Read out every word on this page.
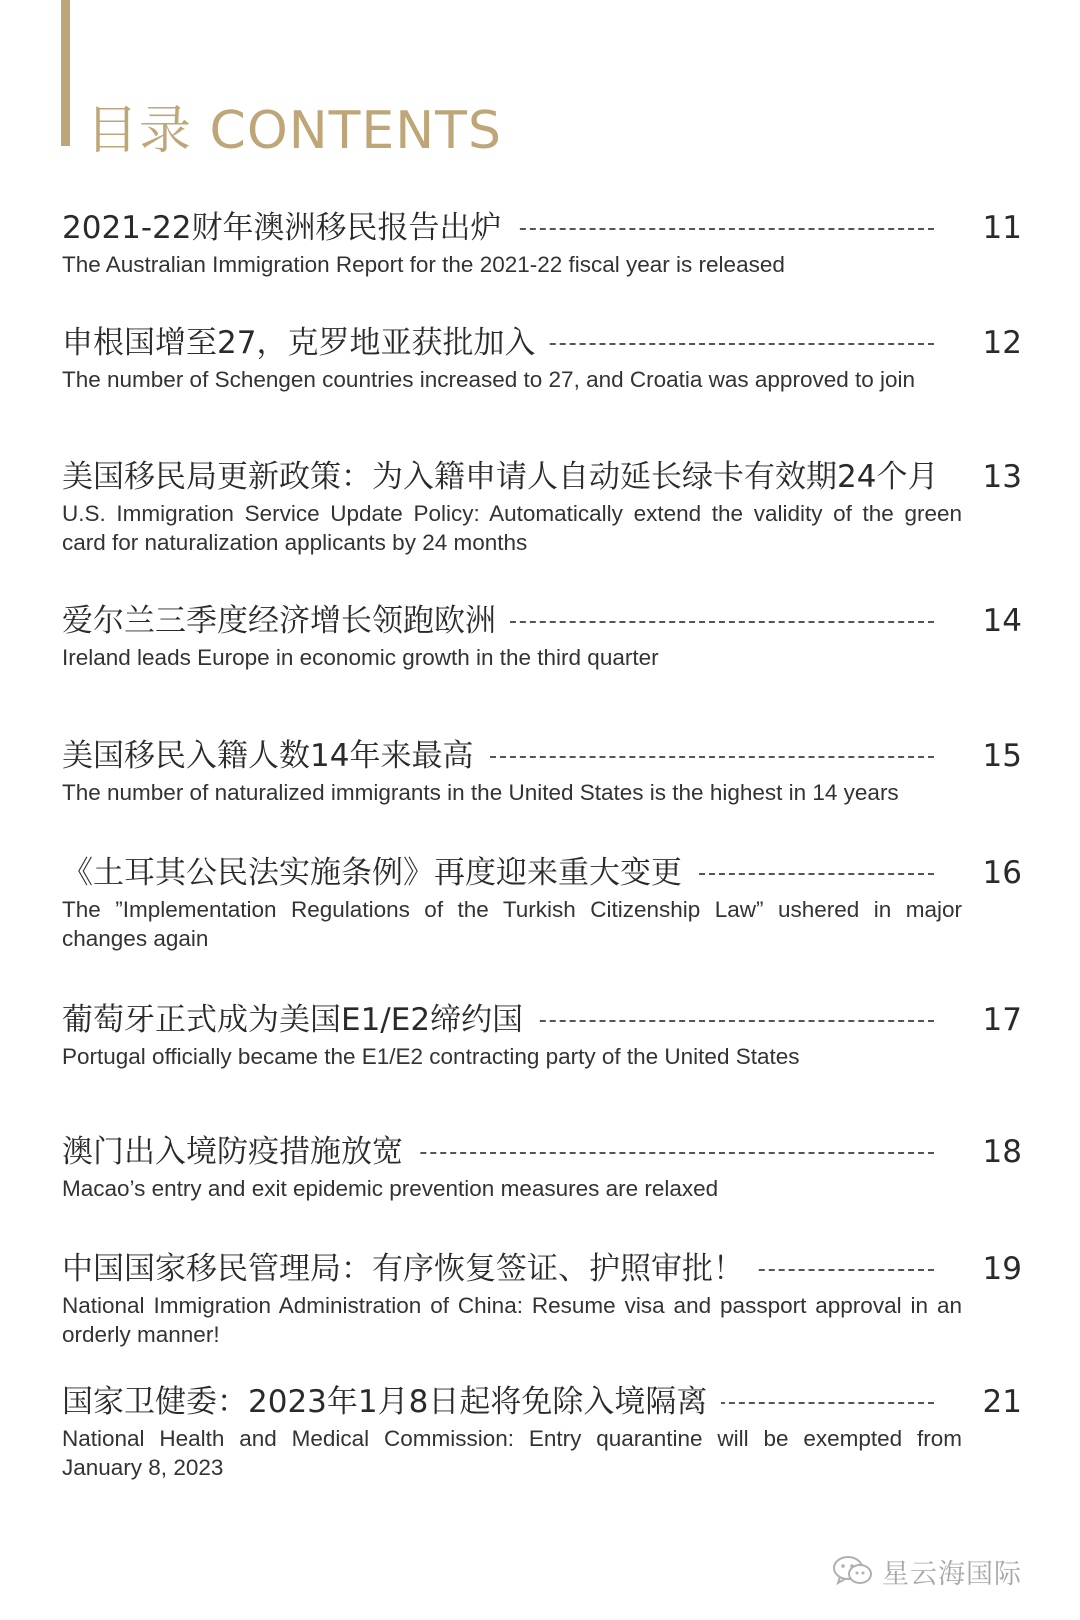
目录 CONTENTS
2021-22财年澳洲移民报告出炉	11

The Australian Immigration Report for the 2021-22 fiscal year is released

申根国增至27，克罗地亚获批加入	12

The number of Schengen countries increased to 27, and Croatia was approved to join

美国移民局更新政策：为入籍申请人自动延长绿卡有效期24个月	13

U.S. Immigration Service Update Policy: Automatically extend the validity of the green card for naturalization applicants by 24 months

爱尔兰三季度经济增长领跑欧洲	14

Ireland leads Europe in economic growth in the third quarter

美国移民入籍人数14年来最高	15

The number of naturalized immigrants in the United States is the highest in 14 years

《土耳其公民法实施条例》再度迎来重大变更	16

The ”Implementation Regulations of the Turkish Citizenship Law” ushered in major changes again

葡萄牙正式成为美国E1/E2缔约国	17

Portugal officially became the E1/E2 contracting party of the United States

澳门出入境防疫措施放宽	18

Macao’s entry and exit epidemic prevention measures are relaxed

中国国家移民管理局：有序恢复签证、护照审批！	19

National Immigration Administration of China: Resume visa and passport approval in an orderly manner!

国家卫健委：2023年1月8日起将免除入境隔离	21

National Health and Medical Commission: Entry quarantine will be exempted from January 8, 2023

星云海国际
